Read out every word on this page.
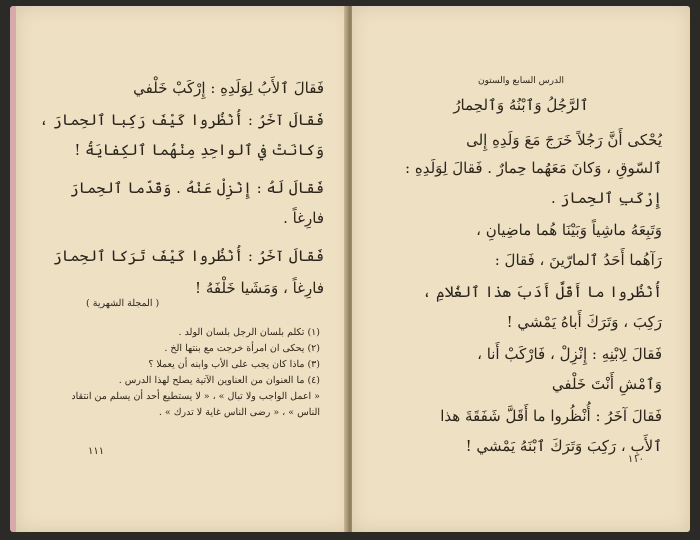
فَقالَ ٱلأَبُ لِوَلَدِهِ : إِرْكَبْ خَلْفي
فَقالَ آخَرُ : أُنْظُروا كَيْفَ رَكِبا ٱلحِمارَ ،
وَكانَتْ في ٱلواحِدِ مِنْهُما ٱلكِفايَةُ !
فَقالَ لَهُ : إِنْزِلْ عَنْهُ . وَقَدّما ٱلحِمارَ
فارِغاً .
فَقالَ آخَرُ : أُنْظُروا كَيْفَ تَرَكا ٱلحِمارَ
فارِغاً ، وَمَشَيا خَلْفَهُ !
( المجلة الشهرية )
(١) تكلم بلسان الرجل بلسان الولد .
(٢) يحكى ان امرأة خرجت مع بنتها الخ .
(٣) ماذا كان يجب على الأب وابنه أن يعملا ؟
(٤) ما العنوان من العناوين الآتية يصلح لهذا الدرس .
« اعمل الواجب ولا تبال » ، « لا يستطيع أحد أن يسلم من انتقاد
الناس » ، « رضى الناس غاية لا تدرك » .
١١١
الدرس السابع والستون
ٱلرَّجُلُ وَٱبْنُهُ وَٱلحِمارُ
يُحْكى أَنَّ رَجُلاً خَرَجَ مَعَ وَلَدِهِ إِلى
ٱلسّوقِ ، وَكانَ مَعَهُما حِمارٌ . فَقالَ لِوَلَدِهِ :
إِرْكَبِ ٱلحِمارَ .
وَتَبِعَهُ ماشِياً وَبَيْنَا هُما ماضِيانِ ،
رَآهُما أَحَدُ ٱلمارّينَ ، فَقالَ :
أُنْظُروا ما أَقَلَّ أَدَبَ هذا ٱلغُلامِ ،
رَكِبَ ، وَتَرَكَ أَباهُ يَمْشي !
فَقالَ لِابْنِهِ : إِنْزِلْ ، فَارْكَبْ أَنا ،
وَٱمْشِ أَنْتَ خَلْفي
فَقالَ آخَرُ : أُنْظُروا ما أَقَلَّ شَفَقَةَ هذا
ٱلأَبِ ، رَكِبَ وَتَرَكَ ٱبْنَهُ يَمْشي !
١١٠
